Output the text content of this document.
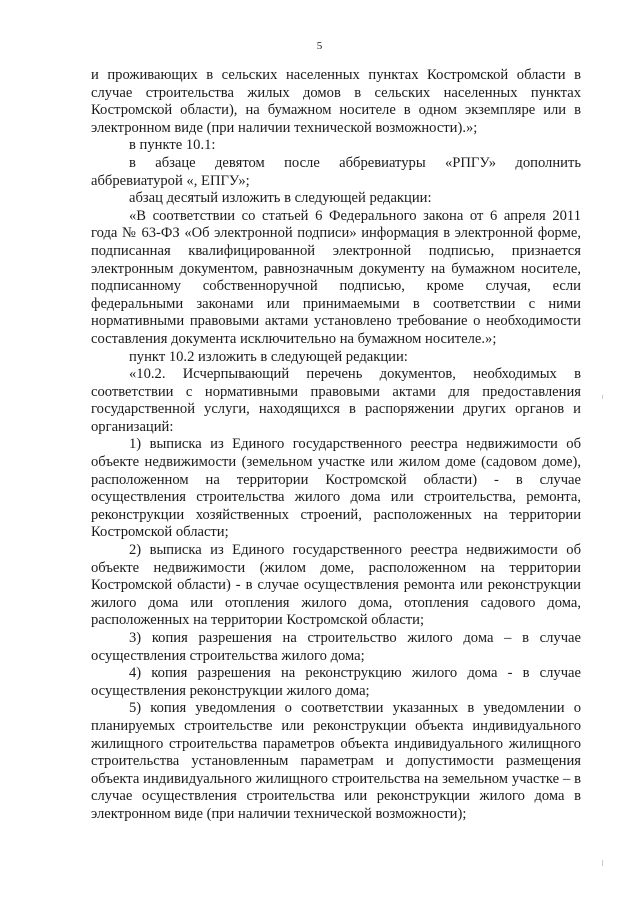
5

и проживающих в сельских населенных пунктах Костромской области в случае строительства жилых домов в сельских населенных пунктах Костромской области), на бумажном носителе в одном экземпляре или в электронном виде (при наличии технической возможности).»;

в пункте 10.1:

в абзаце девятом после аббревиатуры «РПГУ» дополнить аббревиатурой «, ЕПГУ»;

абзац десятый изложить в следующей редакции:

«В соответствии со статьей 6 Федерального закона от 6 апреля 2011 года № 63-ФЗ «Об электронной подписи» информация в электронной форме, подписанная квалифицированной электронной подписью, признается электронным документом, равнозначным документу на бумажном носителе, подписанному собственноручной подписью, кроме случая, если федеральными законами или принимаемыми в соответствии с ними нормативными правовыми актами установлено требование о необходимости составления документа исключительно на бумажном носителе.»;

пункт 10.2 изложить в следующей редакции:

«10.2. Исчерпывающий перечень документов, необходимых в соответствии с нормативными правовыми актами для предоставления государственной услуги, находящихся в распоряжении других органов и организаций:

1) выписка из Единого государственного реестра недвижимости об объекте недвижимости (земельном участке или жилом доме (садовом доме), расположенном на территории Костромской области) - в случае осуществления строительства жилого дома или строительства, ремонта, реконструкции хозяйственных строений, расположенных на территории Костромской области;

2) выписка из Единого государственного реестра недвижимости об объекте недвижимости (жилом доме, расположенном на территории Костромской области) - в случае осуществления ремонта или реконструкции жилого дома или отопления жилого дома, отопления садового дома, расположенных на территории Костромской области;

3) копия разрешения на строительство жилого дома – в случае осуществления строительства жилого дома;

4) копия разрешения на реконструкцию жилого дома - в случае осуществления реконструкции жилого дома;

5) копия уведомления о соответствии указанных в уведомлении о планируемых строительстве или реконструкции объекта индивидуального жилищного строительства параметров объекта индивидуального жилищного строительства установленным параметрам и допустимости размещения объекта индивидуального жилищного строительства на земельном участке – в случае осуществления строительства или реконструкции жилого дома в электронном виде (при наличии технической возможности);
